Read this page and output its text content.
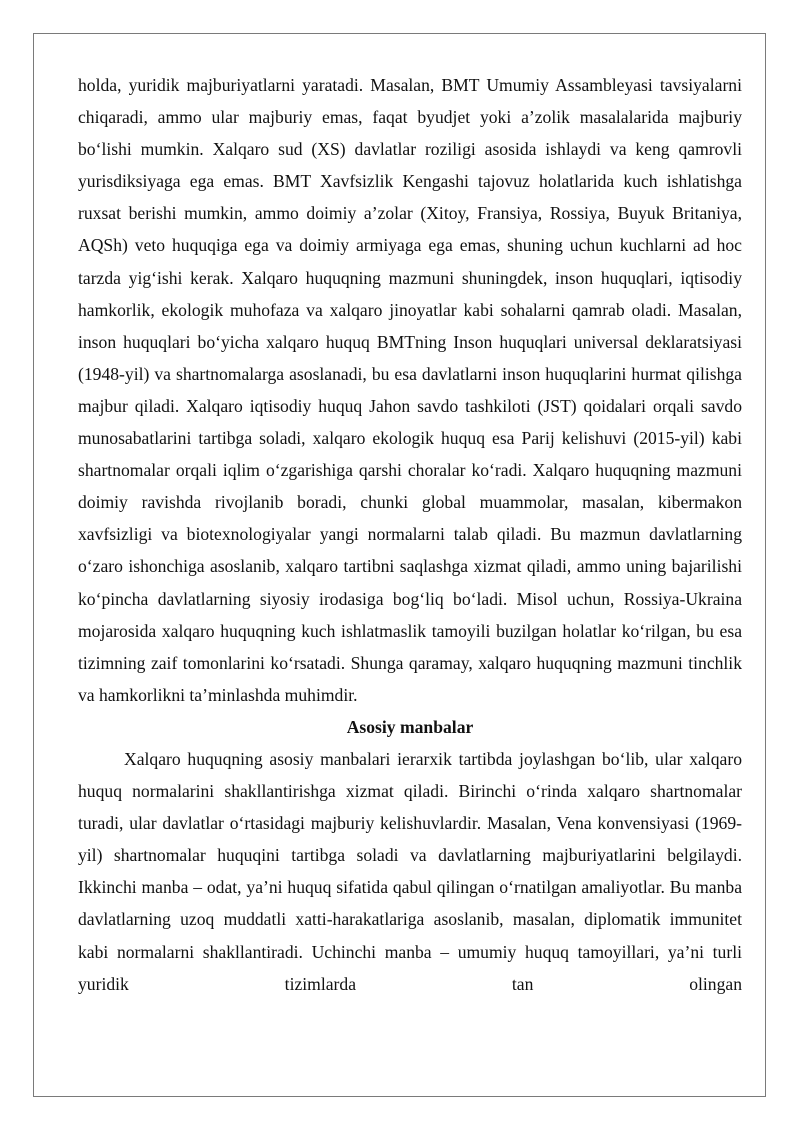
holda, yuridik majburiyatlarni yaratadi. Masalan, BMT Umumiy Assambleyasi tavsiyalarni chiqaradi, ammo ular majburiy emas, faqat byudjet yoki a’zolik masalalarida majburiy bo‘lishi mumkin. Xalqaro sud (XS) davlatlar roziligi asosida ishlaydi va keng qamrovli yurisdiksiyaga ega emas. BMT Xavfsizlik Kengashi tajovuz holatlarida kuch ishlatishga ruxsat berishi mumkin, ammo doimiy a’zolar (Xitoy, Fransiya, Rossiya, Buyuk Britaniya, AQSh) veto huquqiga ega va doimiy armiyaga ega emas, shuning uchun kuchlarni ad hoc tarzda yig‘ishi kerak. Xalqaro huquqning mazmuni shuningdek, inson huquqlari, iqtisodiy hamkorlik, ekologik muhofaza va xalqaro jinoyatlar kabi sohalarni qamrab oladi. Masalan, inson huquqlari bo‘yicha xalqaro huquq BMTning Inson huquqlari universal deklaratsiyasi (1948-yil) va shartnomalarga asoslanadi, bu esa davlatlarni inson huquqlarini hurmat qilishga majbur qiladi. Xalqaro iqtisodiy huquq Jahon savdo tashkiloti (JST) qoidalari orqali savdo munosabatlarini tartibga soladi, xalqaro ekologik huquq esa Parij kelishuvi (2015-yil) kabi shartnomalar orqali iqlim o‘zgarishiga qarshi choralar ko‘radi. Xalqaro huquqning mazmuni doimiy ravishda rivojlanib boradi, chunki global muammolar, masalan, kibermakon xavfsizligi va biotexnologiyalar yangi normalarni talab qiladi. Bu mazmun davlatlarning o‘zaro ishonchiga asoslanib, xalqaro tartibni saqlashga xizmat qiladi, ammo uning bajarilishi ko‘pincha davlatlarning siyosiy irodasiga bog‘liq bo‘ladi. Misol uchun, Rossiya-Ukraina mojarosida xalqaro huquqning kuch ishlatmaslik tamoyili buzilgan holatlar ko‘rilgan, bu esa tizimning zaif tomonlarini ko‘rsatadi. Shunga qaramay, xalqaro huquqning mazmuni tinchlik va hamkorlikni ta’minlashda muhimdir.

Asosiy manbalar

Xalqaro huquqning asosiy manbalari ierarxik tartibda joylashgan bo‘lib, ular xalqaro huquq normalarini shakllantirishga xizmat qiladi. Birinchi o‘rinda xalqaro shartnomalar turadi, ular davlatlar o‘rtasidagi majburiy kelishuvlardir. Masalan, Vena konvensiyasi (1969-yil) shartnomalar huquqini tartibga soladi va davlatlarning majburiyatlarini belgilaydi. Ikkinchi manba – odat, ya’ni huquq sifatida qabul qilingan o‘rnatilgan amaliyotlar. Bu manba davlatlarning uzoq muddatli xatti-harakatlariga asoslanib, masalan, diplomatik immunitet kabi normalarni shakllantiradi. Uchinchi manba – umumiy huquq tamoyillari, ya’ni turli yuridik tizimlarda tan olingan
